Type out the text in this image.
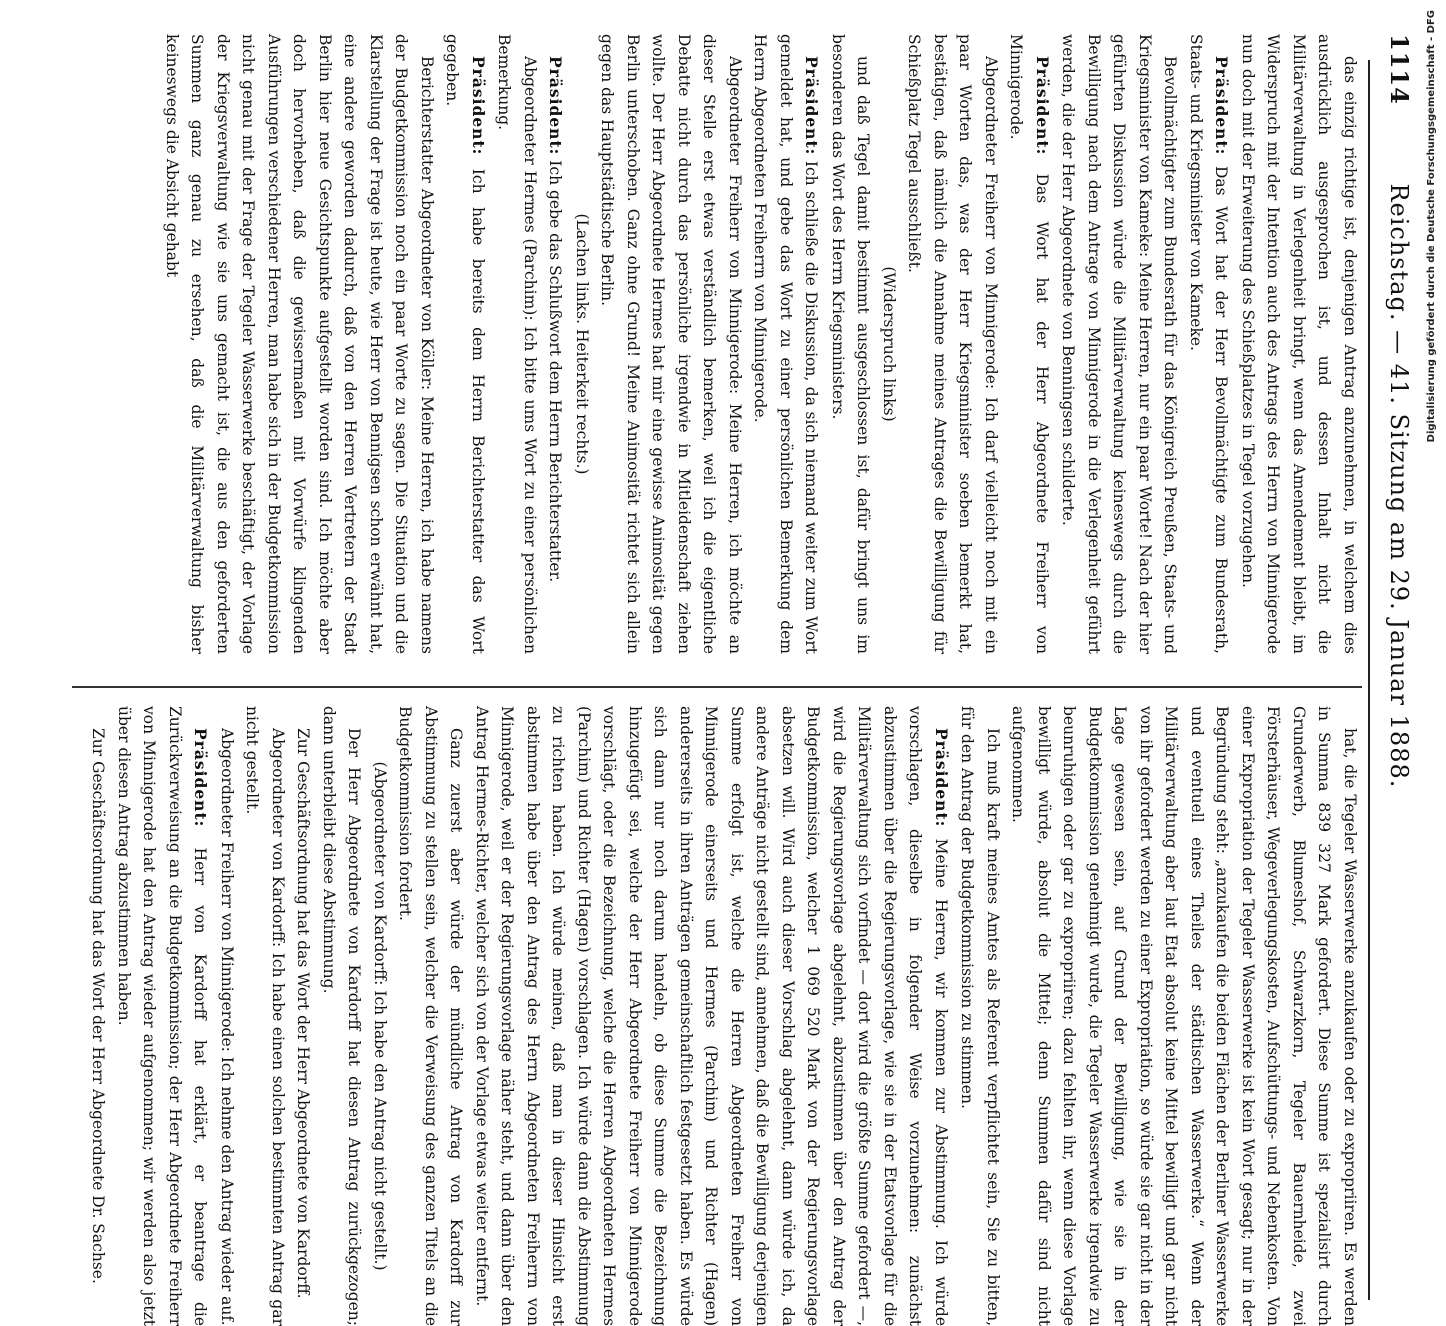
1114 Reichstag. — 41. Sitzung am 29. Januar 1888.

das einzig richtige ist, denjenigen Antrag anzunehmen, in welchem dies ausdrücklich ausgesprochen ist, und dessen Inhalt nicht die Militärverwaltung in Verlegenheit bringt, wenn das Amendement bleibt, im Widerspruch mit der Intention auch des Antrags des Herrn von Minnigerode nun doch mit der Erweiterung des Schießplatzes in Tegel vorzugehen.

Präsident: Das Wort hat der Herr Bevollmächtigte zum Bundesrath, Staats- und Kriegsminister von Kameke.

Bevollmächtigter zum Bundesrath für das Königreich Preußen, Staats- und Kriegsminister von Kameke: Meine Herren, nur ein paar Worte! Nach der hier geführten Diskussion würde die Militärverwaltung keineswegs durch die Bewilligung nach dem Antrage von Minnigerode in die Verlegenheit geführt werden, die der Herr Abgeordnete von Benningsen schilderte.

Präsident: Das Wort hat der Herr Abgeordnete Freiherr von Minnigerode.

Abgeordneter Freiherr von Minnigerode: Ich darf vielleicht noch mit ein paar Worten das, was der Herr Kriegsminister soeben bemerkt hat, bestätigen, daß nämlich die Annahme meines Antrages die Bewilligung für Schießplatz Tegel ausschließt.

(Widerspruch links)

und daß Tegel damit bestimmt ausgeschlossen ist, dafür bringt uns im besonderen das Wort des Herrn Kriegsministers.

Präsident: Ich schließe die Diskussion, da sich niemand weiter zum Wort gemeldet hat, und gebe das Wort zu einer persönlichen Bemerkung dem Herrn Abgeordneten Freiherrn von Minnigerode.

Abgeordneter Freiherr von Minnigerode: Meine Herren, ich möchte an dieser Stelle erst etwas verständlich bemerken, weil ich die eigentliche Debatte nicht durch das persönliche irgendwie in Mitleidenschaft ziehen wollte. Der Herr Abgeordnete Hermes hat mir eine gewisse Animosität gegen Berlin unterschoben. Ganz ohne Grund! Meine Animosität richtet sich allein gegen das Hauptstädtische Berlin.

(Lachen links. Heiterkeit rechts.)

Präsident: Ich gebe das Schlußwort dem Herrn Berichterstatter.

Abgeordneter Hermes (Parchim): Ich bitte ums Wort zu einer persönlichen Bemerkung.

Präsident: Ich habe bereits dem Herrn Berichterstatter das Wort gegeben.

Berichterstatter Abgeordneter von Köller: Meine Herren, ich habe namens der Budgetkommission noch ein paar Worte zu sagen. Die Situation und die Klarstellung der Frage ist heute, wie Herr von Bennigsen schon erwähnt hat, eine andere geworden dadurch, daß von den Herren Vertretern der Stadt Berlin hier neue Gesichtspunkte aufgestellt worden sind. Ich möchte aber doch hervorheben, daß die gewissermaßen mit Vorwürfe klingenden Ausführungen verschiedener Herren, man habe sich in der Budgetkommission nicht genau mit der Frage der Tegeler Wasserwerke beschäftigt, der Vorlage der Kriegsverwaltung wie sie uns gemacht ist, die aus den geforderten Summen ganz genau zu ersehen, daß die Militärverwaltung bisher keineswegs die Absicht gehabt

hat, die Tegeler Wasserwerke anzukaufen oder zu expropriiren. Es werden in Summa 839 327 Mark gefordert. Diese Summe ist spezialisirt durch Grunderwerb, Blumeshof, Schwarzkorn, Tegeler Bauernheide, zwei Försterhäuser, Wegeverlegungskosten, Aufschüttungs- und Nebenkosten. Von einer Expropriation der Tegeler Wasserwerke ist kein Wort gesagt; nur in der Begründung steht: „anzukaufen die beiden Flächen der Berliner Wasserwerke und eventuell eines Theiles der städtischen Wasserwerke.“ Wenn der Militärverwaltung aber laut Etat absolut keine Mittel bewilligt und gar nicht von ihr gefordert werden zu einer Expropriation, so würde sie gar nicht in der Lage gewesen sein, auf Grund der Bewilligung, wie sie in der Budgetkommission genehmigt wurde, die Tegeler Wasserwerke irgendwie zu beunruhigen oder gar zu expropriiren; dazu fehlten ihr, wenn diese Vorlage bewilligt würde, absolut die Mittel; denn Summen dafür sind nicht aufgenommen.

Ich muß kraft meines Amtes als Referent verpflichtet sein, Sie zu bitten, für den Antrag der Budgetkommission zu stimmen.

Präsident: Meine Herren, wir kommen zur Abstimmung. Ich würde vorschlagen, dieselbe in folgender Weise vorzunehmen: zunächst abzustimmen über die Regierungsvorlage, wie sie in der Etatsvorlage für die Militärverwaltung sich vorfindet — dort wird die größte Summe gefordert —, wird die Regierungsvorlage abgelehnt, abzustimmen über den Antrag der Budgetkommission, welcher 1 069 520 Mark von der Regierungsvorlage absetzen will. Wird auch dieser Vorschlag abgelehnt, dann würde ich, da andere Anträge nicht gestellt sind, annehmen, daß die Bewilligung derjenigen Summe erfolgt ist, welche die Herren Abgeordneten Freiherr von Minnigerode einerseits und Hermes (Parchim) und Richter (Hagen) andererseits in ihren Anträgen gemeinschaftlich festgesetzt haben. Es würde sich dann nur noch darum handeln, ob diese Summe die Bezeichnung hinzugefügt sei, welche der Herr Abgeordnete Freiherr von Minnigerode vorschlägt, oder die Bezeichnung, welche die Herren Abgeordneten Hermes (Parchim) und Richter (Hagen) vorschlagen. Ich würde dann die Abstimmung zu richten haben. Ich würde meinen, daß man in dieser Hinsicht erst abstimmen habe über den Antrag des Herrn Abgeordneten Freiherrn von Minnigerode, weil er der Regierungsvorlage näher steht, und dann über den Antrag Hermes-Richter, welcher sich von der Vorlage etwas weiter entfernt.

Ganz zuerst aber würde der mündliche Antrag von Kardorff zur Abstimmung zu stellen sein, welcher die Verweisung des ganzen Titels an die Budgetkommission fordert.

(Abgeordneter von Kardorff: Ich habe den Antrag nicht gestellt.)

Der Herr Abgeordnete von Kardorff hat diesen Antrag zurückgezogen; dann unterbleibt diese Abstimmung.

Zur Geschäftsordnung hat das Wort der Herr Abgeordnete von Kardorff.

Abgeordneter von Kardorff: Ich habe einen solchen bestimmten Antrag gar nicht gestellt.

Abgeordneter Freiherr von Minnigerode: Ich nehme den Antrag wieder auf.

Präsident: Herr von Kardorff hat erklärt, er beantrage die Zurückverweisung an die Budgetkommission; der Herr Abgeordnete Freiherr von Minnigerode hat den Antrag wieder aufgenommen; wir werden also jetzt über diesen Antrag abzustimmen haben.

Zur Geschäftsordnung hat das Wort der Herr Abgeordnete Dr. Sachse.

Digitalisierung gefördert durch die Deutsche Forschungsgemeinschaft - DFG
